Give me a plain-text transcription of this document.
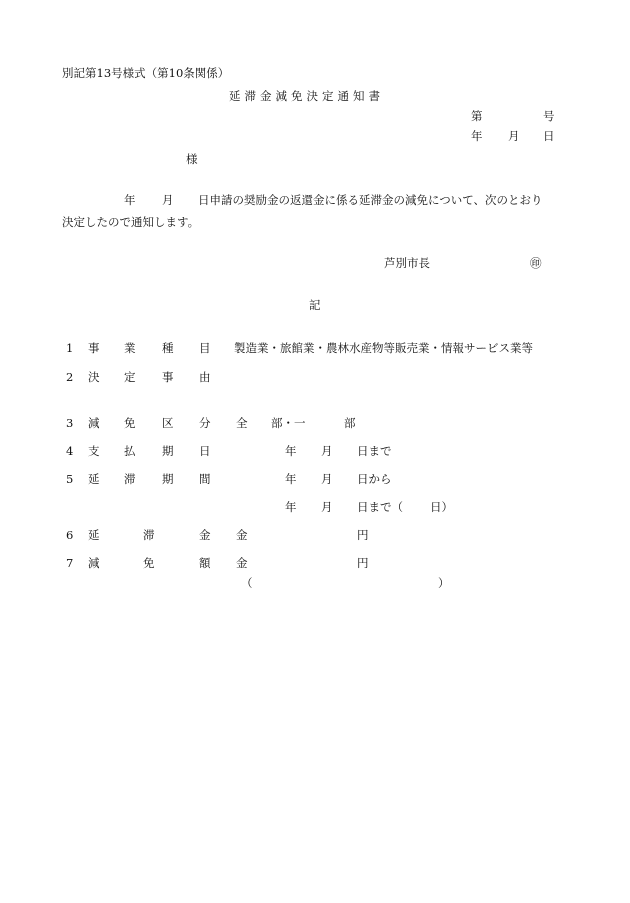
別記第13号様式（第10条関係）
延滞金減免決定通知書
第	号
年 月 日
様
年 月 日申請の奨励金の返還金に係る延滞金の減免について、次のとおり
決定したので通知します。
芦別市長	㊞
記
1 事 業 種 目 製造業・旅館業・農林水産物等販売業・情報サービス業等
2 決 定 事 由
3 減 免 区 分 全 部・一	部
4 支 払 期 日	年 月 日まで
5 延 滞 期 間	年 月 日から
年 月 日まで（ 日）
6 延	滞	金 金	円
7 減	免	額 金	円
（	）
